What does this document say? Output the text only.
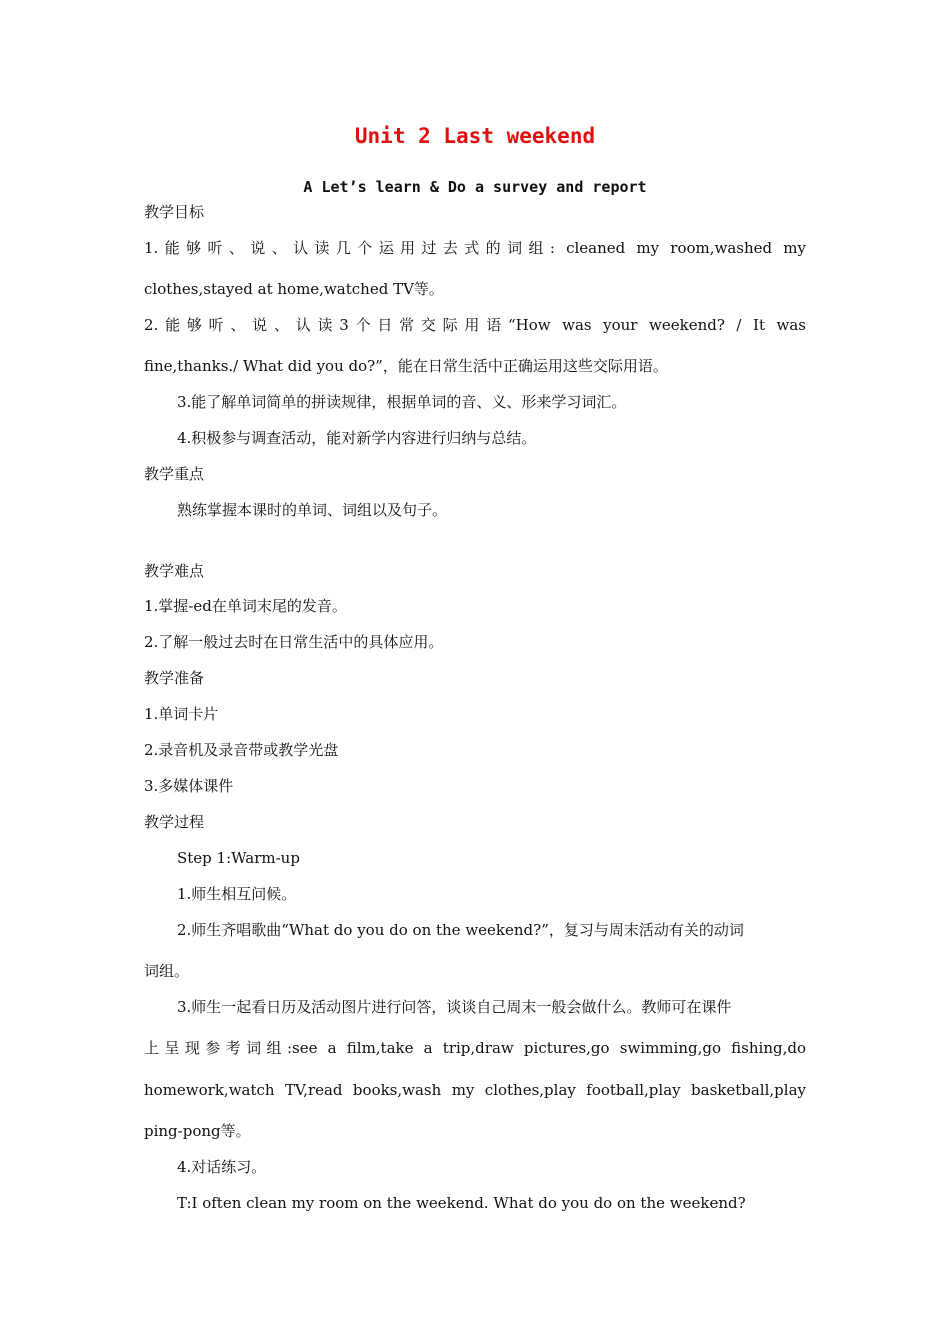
Unit 2 Last weekend
A Let’s learn & Do a survey and report
教学目标
1.能够听、说、认读几个运用过去式的词组: cleaned my room,washed my
clothes,stayed at home,watched TV等。
2.能够听、说、认读3个日常交际用语“How was your weekend? / It was
fine,thanks./ What did you do?”，能在日常生活中正确运用这些交际用语。
3.能了解单词简单的拼读规律，根据单词的音、义、形来学习词汇。
4.积极参与调查活动，能对新学内容进行归纳与总结。
教学重点
熟练掌握本课时的单词、词组以及句子。
教学难点
1.掌握-ed在单词末尾的发音。
2.了解一般过去时在日常生活中的具体应用。
教学准备
1.单词卡片
2.录音机及录音带或教学光盘
3.多媒体课件
教学过程
Step 1:Warm-up
1.师生相互问候。
2.师生齐唱歌曲“What do you do on the weekend?”，复习与周末活动有关的动词
词组。
3.师生一起看日历及活动图片进行问答，谈谈自己周末一般会做什么。教师可在课件
上呈现参考词组:see a film,take a trip,draw pictures,go swimming,go fishing,do
homework,watch TV,read books,wash my clothes,play football,play basketball,play
ping-pong等。
4.对话练习。
T:I often clean my room on the weekend. What do you do on the weekend?
